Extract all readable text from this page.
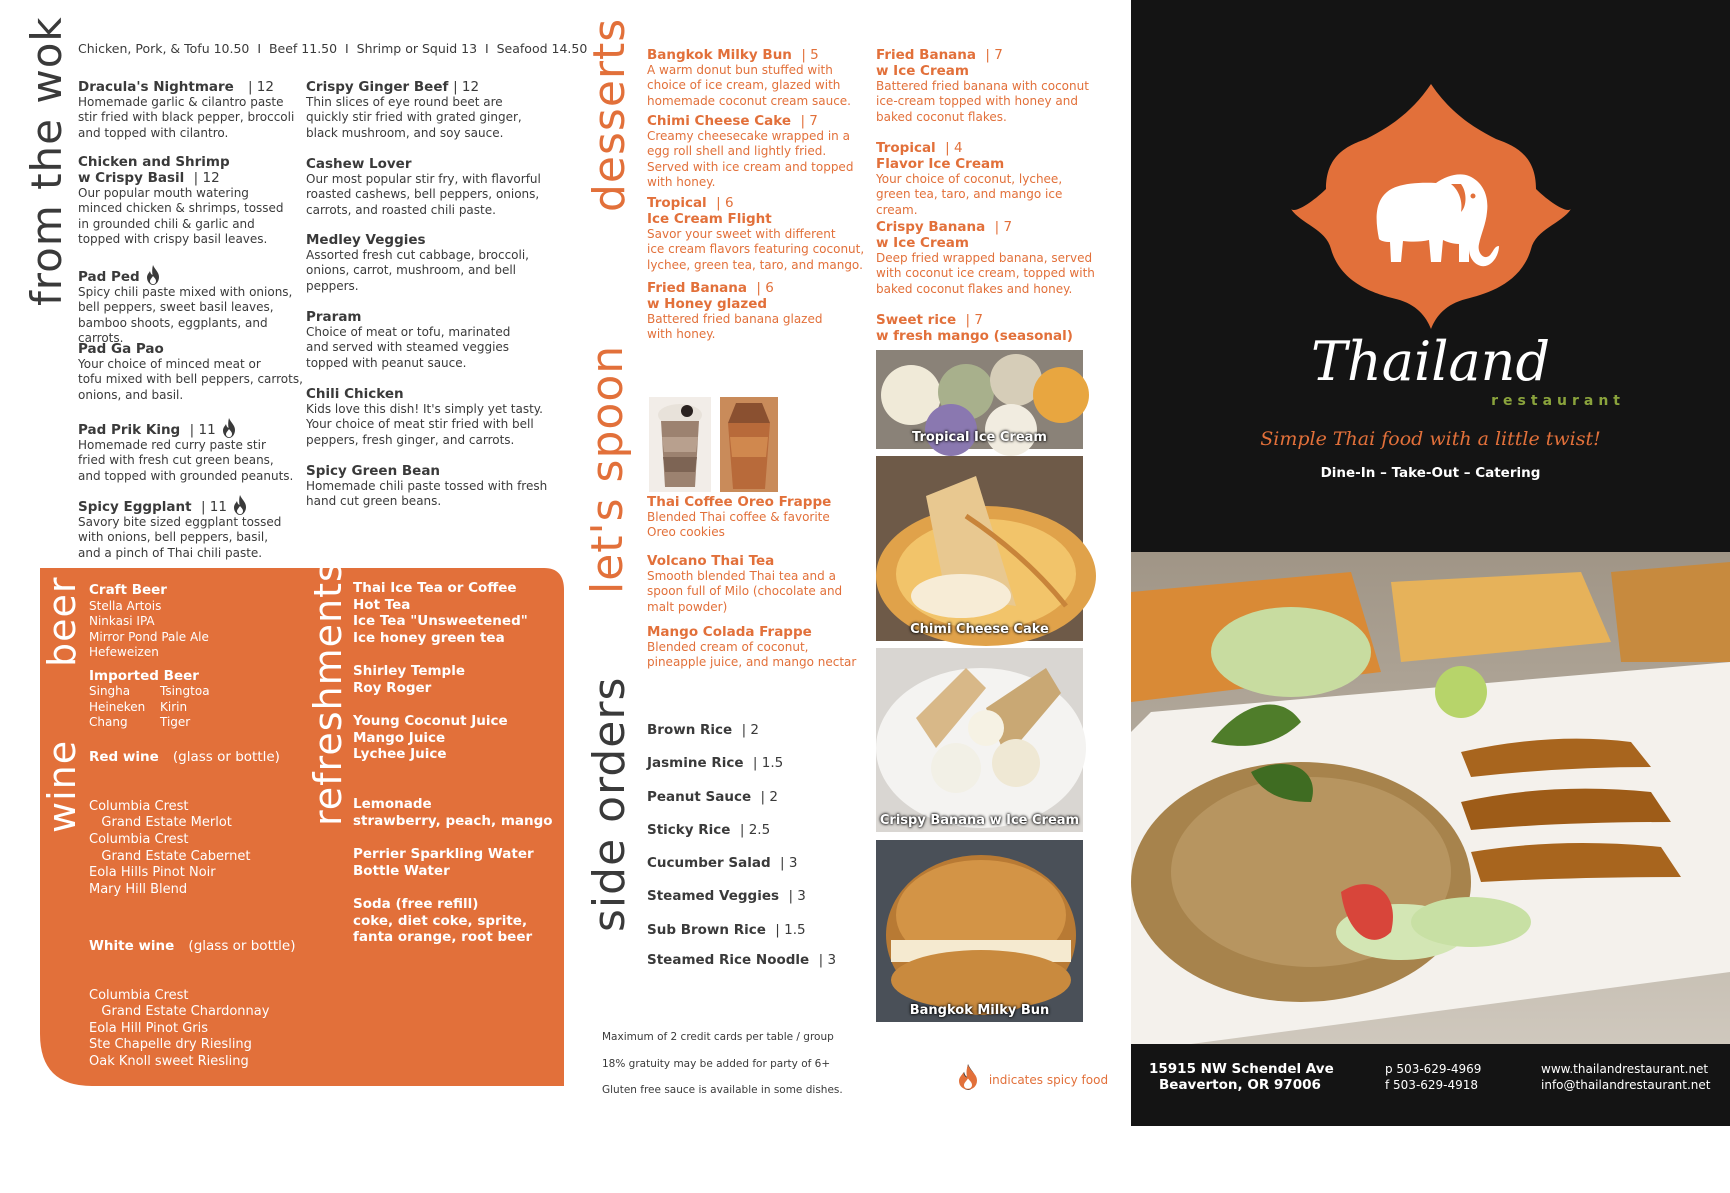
from the wok Chicken, Pork, & Tofu 10.50  I  Beef 11.50  I  Shrimp or Squid 13  I  Seafood 14.50
Dracula's Nightmare | 12
Homemade garlic & cilantro paste
stir fried with black pepper, broccoli
and topped with cilantro.
Chicken and Shrimp
w Crispy Basil | 12
Our popular mouth watering
minced chicken & shrimps, tossed
in grounded chili & garlic and
topped with crispy basil leaves.
Pad Ped
Spicy chili paste mixed with onions,
bell peppers, sweet basil leaves,
bamboo shoots, eggplants, and carrots.
Pad Ga Pao
Your choice of minced meat or
tofu mixed with bell peppers, carrots,
onions, and basil.
Pad Prik King | 11
Homemade red curry paste stir
fried with fresh cut green beans,
and topped with grounded peanuts.
Spicy Eggplant | 11
Savory bite sized eggplant tossed
with onions, bell peppers, basil,
and a pinch of Thai chili paste.
Crispy Ginger Beef | 12
Thin slices of eye round beet are
quickly stir fried with grated ginger,
black mushroom, and soy sauce.
Cashew Lover
Our most popular stir fry, with flavorful
roasted cashews, bell peppers, onions,
carrots, and roasted chili paste.
Medley Veggies
Assorted fresh cut cabbage, broccoli,
onions, carrot, mushroom, and bell
peppers.
Praram
Choice of meat or tofu, marinated
and served with steamed veggies
topped with peanut sauce.
Chili Chicken
Kids love this dish! It's simply yet tasty.
Your choice of meat stir fried with bell
peppers, fresh ginger, and carrots.
Spicy Green Bean
Homemade chili paste tossed with fresh
hand cut green beans.
beer
wine	refreshments
Craft Beer
Stella Artois
Ninkasi IPA
Mirror Pond Pale Ale
Hefeweizen
Imported Beer
Singha
Heineken
Chang
Tsingtoa
Kirin
Tiger
Red wine (glass or bottle)

Columbia Crest
Grand Estate Merlot
Columbia Crest
Grand Estate Cabernet
Eola Hills Pinot Noir
Mary Hill Blend

White wine (glass or bottle)

Columbia Crest
Grand Estate Chardonnay
Eola Hill Pinot Gris
Ste Chapelle dry Riesling
Oak Knoll sweet Riesling

House wine (glass or carafe)
Chardonnay
Cabernet
Merlot
White Zinfandel
Thai Ice Tea or Coffee
Hot Tea
Ice Tea "Unsweetened"
Ice honey green tea
Shirley Temple
Roy Roger
Young Coconut Juice
Mango Juice
Lychee Juice
Lemonade
strawberry, peach, mango
Perrier Sparkling Water
Bottle Water
Soda (free refill)
coke, diet coke, sprite,
fanta orange, root beer
desserts Bangkok Milky Bun | 5
A warm donut bun stuffed with
choice of ice cream, glazed with
homemade coconut cream sauce.
Chimi Cheese Cake | 7
Creamy cheesecake wrapped in a
egg roll shell and lightly fried.
Served with ice cream and topped
with honey.
Tropical | 6
Ice Cream Flight
Savor your sweet with different
ice cream flavors featuring coconut,
lychee, green tea, taro, and mango.
Fried Banana | 6
w Honey glazed
Battered fried banana glazed
with honey.
Fried Banana | 7
w Ice Cream
Battered fried banana with coconut
ice-cream topped with honey and
baked coconut flakes.
Tropical | 4
Flavor Ice Cream
Your choice of coconut, lychee,
green tea, taro, and mango ice cream.
Crispy Banana | 7
w Ice Cream
Deep fried wrapped banana, served
with coconut ice cream, topped with
baked coconut flakes and honey.
Sweet rice | 7
w fresh mango (seasonal)
let's spoon Thai Coffee Oreo Frappe
Blended Thai coffee & favorite
Oreo cookies
Volcano Thai Tea
Smooth blended Thai tea and a
spoon full of Milo (chocolate and
malt powder)
Mango Colada Frappe
Blended cream of coconut,
pineapple juice, and mango nectar
side orders Brown Rice | 2
Jasmine Rice | 1.5
Peanut Sauce | 2
Sticky Rice | 2.5
Cucumber Salad | 3
Steamed Veggies | 3
Sub Brown Rice | 1.5
Steamed Rice Noodle | 3
Maximum of 2 credit cards per table / group
18% gratuity may be added for party of 6+
Gluten free sauce is available in some dishes.
indicates spicy food
Tropical Ice Cream
Chimi Cheese Cake
Crispy Banana w Ice Cream
Bangkok Milky Bun
Thailand
restaurant
Simple Thai food with a little twist!
Dine-In – Take-Out – Catering
15915 NW Schendel Ave
Beaverton, OR 97006
p 503-629-4969
f 503-629-4918
www.thailandrestaurant.net
info@thailandrestaurant.net
